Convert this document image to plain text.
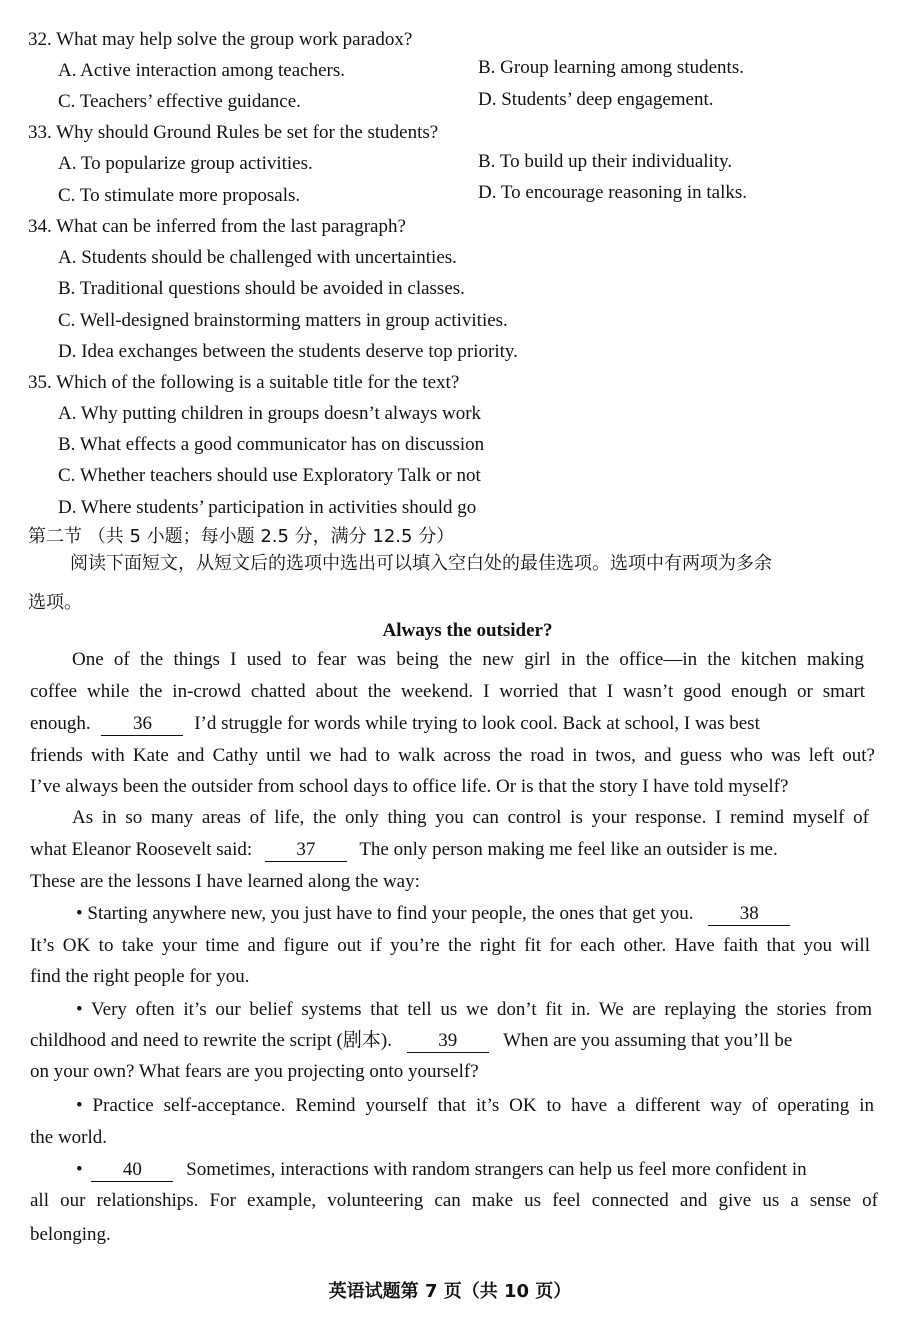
32. What may help solve the group work paradox?
A. Active interaction among teachers.	B. Group learning among students.
C. Teachers’ effective guidance.	D. Students’ deep engagement.
33. Why should Ground Rules be set for the students?
A. To popularize group activities.	B. To build up their individuality.
C. To stimulate more proposals.	D. To encourage reasoning in talks.
34. What can be inferred from the last paragraph?
A. Students should be challenged with uncertainties.
B. Traditional questions should be avoided in classes.
C. Well-designed brainstorming matters in group activities.
D. Idea exchanges between the students deserve top priority.
35. Which of the following is a suitable title for the text?
A. Why putting children in groups doesn’t always work
B. What effects a good communicator has on discussion
C. Whether teachers should use Exploratory Talk or not
D. Where students’ participation in activities should go
第二节 （共 5 小题；每小题 2.5 分，满分 12.5 分）
阅读下面短文，从短文后的选项中选出可以填入空白处的最佳选项。选项中有两项为多余
选项。
Always the outsider?
One of the things I used to fear was being the new girl in the office—in the kitchen making
coffee while the in-crowd chatted about the weekend. I worried that I wasn’t good enough or smart
enough. 36 I’d struggle for words while trying to look cool. Back at school, I was best
friends with Kate and Cathy until we had to walk across the road in twos, and guess who was left out?
I’ve always been the outsider from school days to office life. Or is that the story I have told myself?
As in so many areas of life, the only thing you can control is your response. I remind myself of
what Eleanor Roosevelt said: 37 The only person making me feel like an outsider is me.
These are the lessons I have learned along the way:
• Starting anywhere new, you just have to find your people, the ones that get you. 38
It’s OK to take your time and figure out if you’re the right fit for each other. Have faith that you will
find the right people for you.
• Very often it’s our belief systems that tell us we don’t fit in. We are replaying the stories from
childhood and need to rewrite the script (剧本). 39 When are you assuming that you’ll be
on your own? What fears are you projecting onto yourself?
• Practice self-acceptance. Remind yourself that it’s OK to have a different way of operating in
the world.
• 40 Sometimes, interactions with random strangers can help us feel more confident in
all our relationships. For example, volunteering can make us feel connected and give us a sense of
belonging.
英语试题第 7 页（共 10 页）
